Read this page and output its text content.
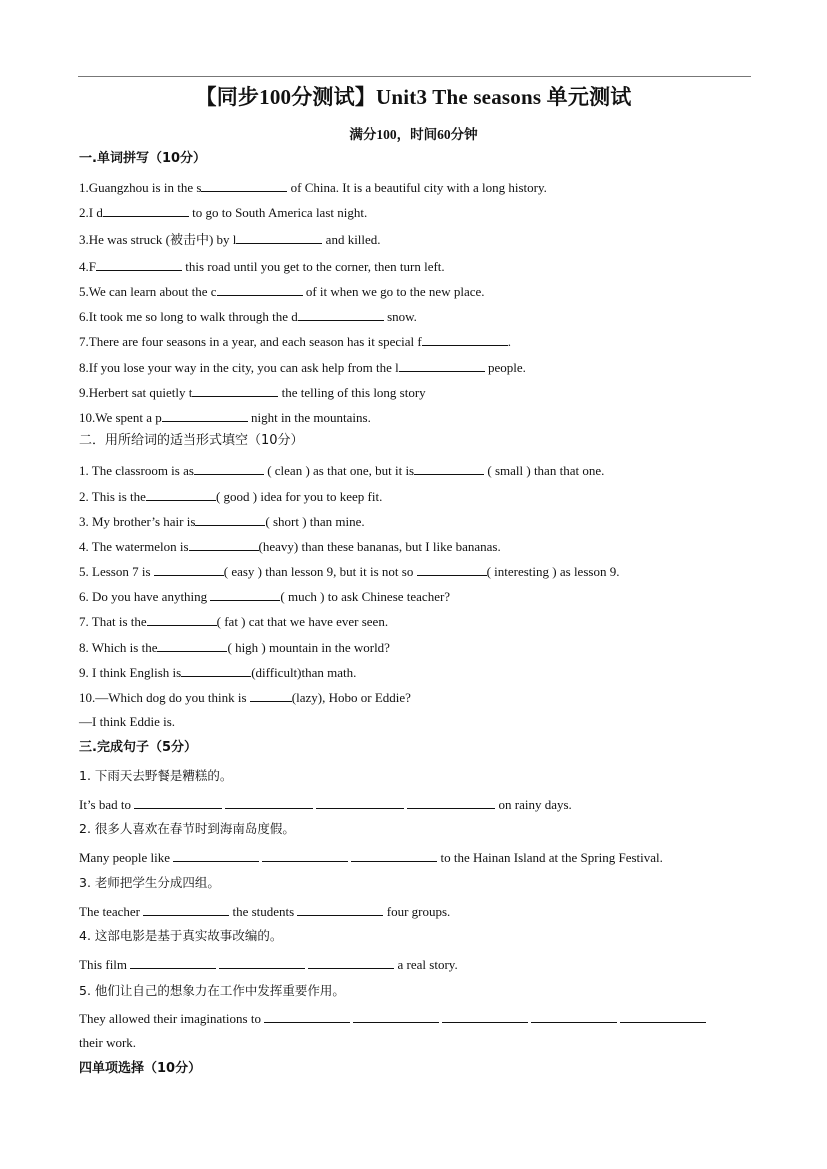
【同步100分测试】Unit3 The seasons 单元测试
满分100，时间60分钟
一.单词拼写（10分）
1.Guangzhou is in the s	of China. It is a beautiful city with a long history.
2.I d	to go to South America last night.
3.He was struck (被击中) by l	and killed.
4.F	this road until you get to the corner, then turn left.
5.We can learn about the c	of it when we go to the new place.
6.It took me so long to walk through the d	snow.
7.There are four seasons in a year, and each season has it special f	.
8.If you lose your way in the city, you can ask help from the l	people.
9.Herbert sat quietly t	the telling of this long story
10.We spent a p	night in the mountains.
二．用所给词的适当形式填空（10分）
1. The classroom is as	( clean ) as that one, but it is	( small ) than that one.
2. This is the	( good ) idea for you to keep fit.
3. My brother’s hair is	( short ) than mine.
4. The watermelon is	(heavy) than these bananas, but I like bananas.
5. Lesson 7 is	( easy ) than lesson 9, but it is not so	( interesting ) as lesson 9.
6. Do you have anything	( much ) to ask Chinese teacher?
7. That is the	( fat ) cat that we have ever seen.
8. Which is the	( high ) mountain in the world?
9. I think English is	(difficult)than math.
10.—Which dog do you think is	(lazy), Hobo or Eddie?
—I think Eddie is.
三.完成句子（5分）
1. 下雨天去野餐是糟糕的。
It’s bad to	on rainy days.
2. 很多人喜欢在春节时到海南岛度假。
Many people like	to the Hainan Island at the Spring Festival.
3. 老师把学生分成四组。
The teacher	the students	four groups.
4. 这部电影是基于真实故事改编的。
This film	a real story.
5. 他们让自己的想象力在工作中发挥重要作用。
They allowed their imaginations to
their work.
四单项选择（10分）
